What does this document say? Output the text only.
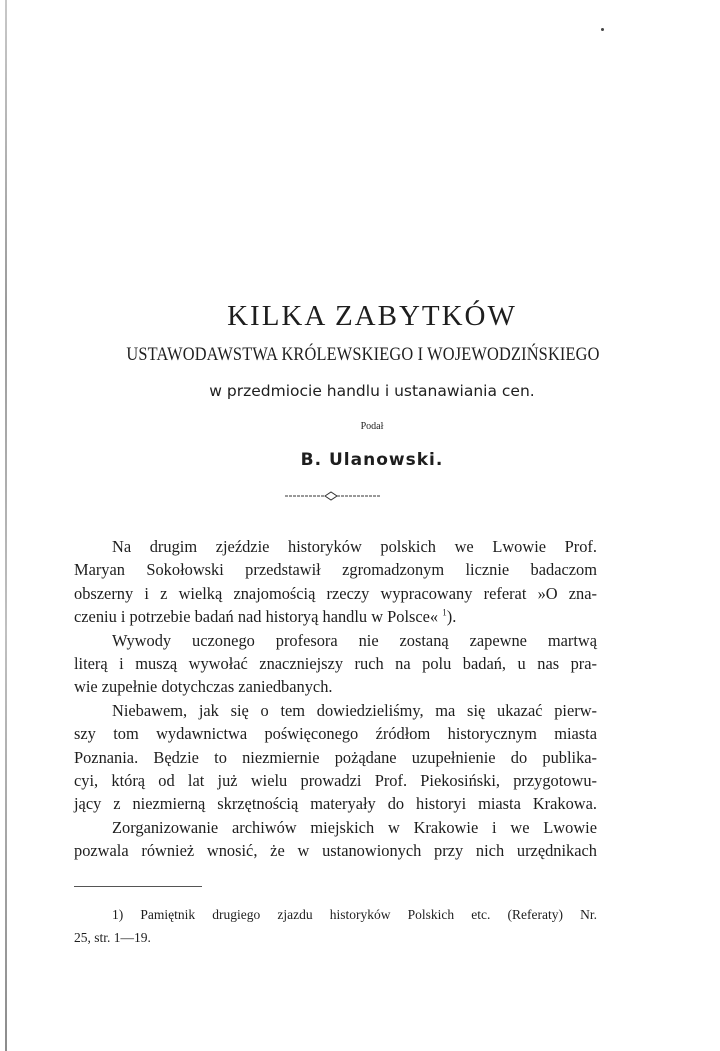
KILKA ZABYTKÓW
USTAWODAWSTWA KRÓLEWSKIEGO I WOJEWODZIŃSKIEGO
w przedmiocie handlu i ustanawiania cen.
Podał
B. Ulanowski.
Na drugim zjeździe historyków polskich we Lwowie Prof.
Maryan Sokołowski przedstawił zgromadzonym licznie badaczom
obszerny i z wielką znajomością rzeczy wypracowany referat »O zna-
czeniu i potrzebie badań nad historyą handlu w Polsce« $^1$).
Wywody uczonego profesora nie zostaną zapewne martwą
literą i muszą wywołać znaczniejszy ruch na polu badań, u nas pra-
wie zupełnie dotychczas zaniedbanych.
Niebawem, jak się o tem dowiedzieliśmy, ma się ukazać pierw-
szy tom wydawnictwa poświęconego źródłom historycznym miasta
Poznania. Będzie to niezmiernie pożądane uzupełnienie do publika-
cyi, którą od lat już wielu prowadzi Prof. Piekosiński, przygotowu-
jący z niezmierną skrzętnością materyały do historyi miasta Krakowa.
Zorganizowanie archiwów miejskich w Krakowie i we Lwowie
pozwala również wnosić, że w ustanowionych przy nich urzędnikach
1) Pamiętnik drugiego zjazdu historyków Polskich etc. (Referaty) Nr.
25, str. 1—19.
